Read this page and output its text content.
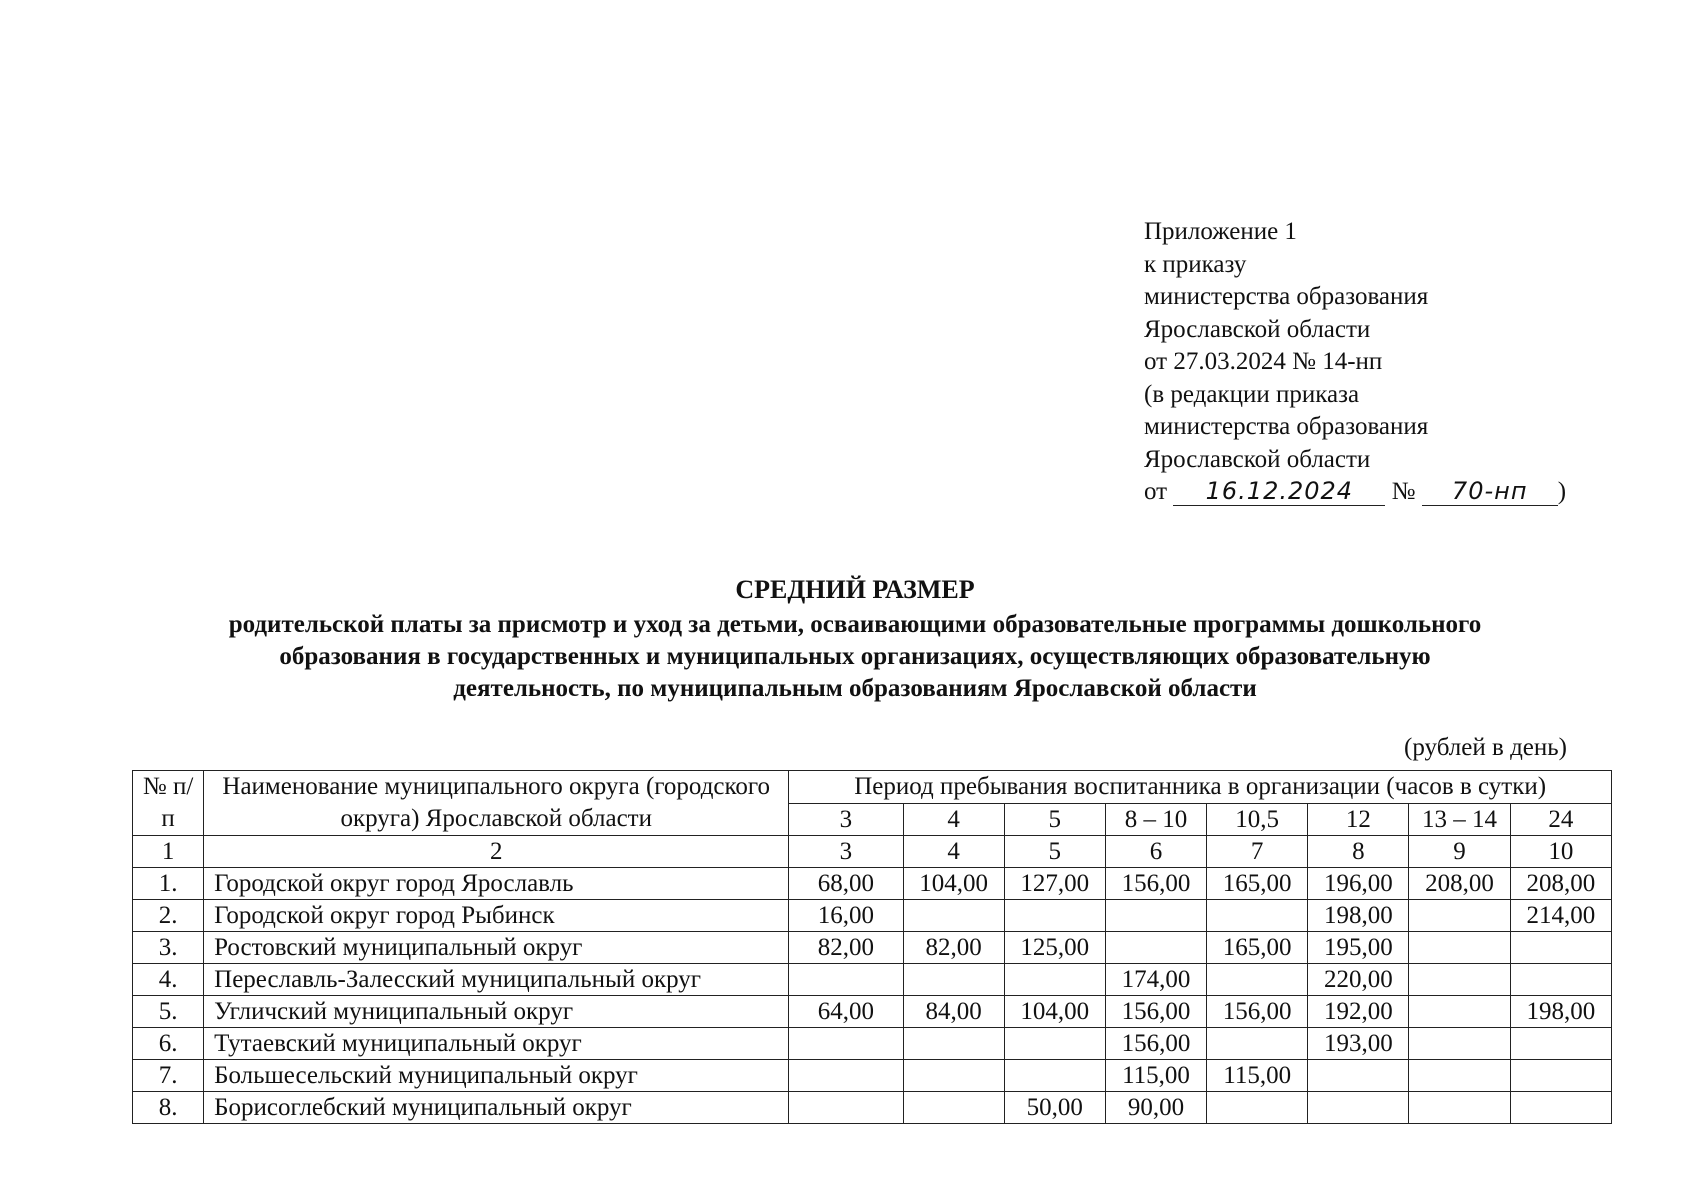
Приложение 1
к приказу
министерства образования
Ярославской области
от 27.03.2024 № 14-нп
(в редакции приказа
министерства образования
Ярославской области
от 16.12.2024 № 70-нп )
СРЕДНИЙ РАЗМЕР
родительской платы за присмотр и уход за детьми, осваивающими образовательные программы дошкольного
образования в государственных и муниципальных организациях, осуществляющих образовательную
деятельность, по муниципальным образованиям Ярославской области
(рублей в день)
№ п/п	Наименование муниципального округа (городского округа) Ярославской области	Период пребывания воспитанника в организации (часов в сутки)							
		3	4	5	8 – 10	10,5	12	13 – 14	24
1	2	3	4	5	6	7	8	9	10
1.	Городской округ город Ярославль	68,00	104,00	127,00	156,00	165,00	196,00	208,00	208,00
2.	Городской округ город Рыбинск	16,00					198,00		214,00
3.	Ростовский муниципальный округ	82,00	82,00	125,00		165,00	195,00		
4.	Переславль-Залесский муниципальный округ				174,00		220,00		
5.	Угличский муниципальный округ	64,00	84,00	104,00	156,00	156,00	192,00		198,00
6.	Тутаевский муниципальный округ				156,00		193,00		
7.	Большесельский муниципальный округ				115,00	115,00			
8.	Борисоглебский муниципальный округ			50,00	90,00				
